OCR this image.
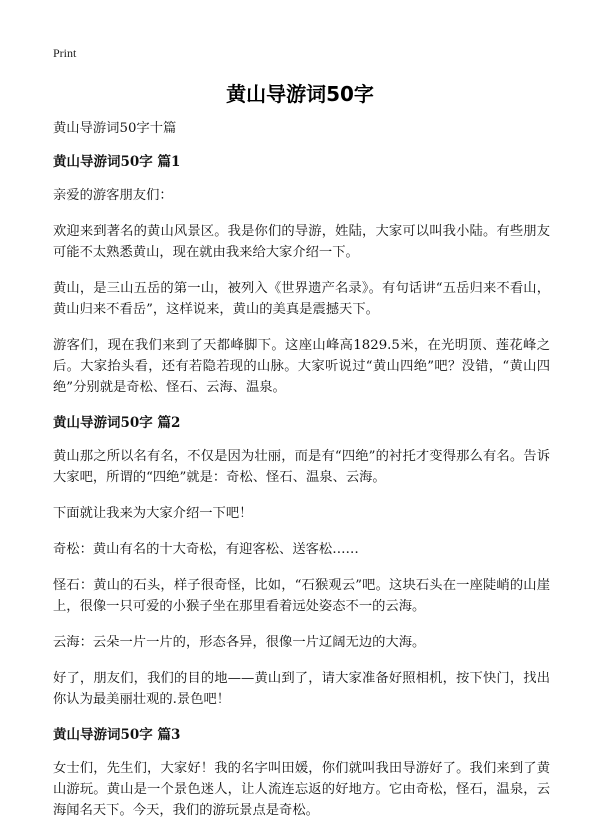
Print
黄山导游词50字

黄山导游词50字十篇

黄山导游词50字 篇1

亲爱的游客朋友们：

欢迎来到著名的黄山风景区。我是你们的导游，姓陆，大家可以叫我小陆。有些朋友可能不太熟悉黄山，现在就由我来给大家介绍一下。

黄山，是三山五岳的第一山，被列入《世界遗产名录》。有句话讲“五岳归来不看山，黄山归来不看岳”，这样说来，黄山的美真是震撼天下。

游客们，现在我们来到了天都峰脚下。这座山峰高1829.5米，在光明顶、莲花峰之后。大家抬头看，还有若隐若现的山脉。大家听说过“黄山四绝”吧？没错，“黄山四绝”分别就是奇松、怪石、云海、温泉。

黄山导游词50字 篇2

黄山那之所以名有名，不仅是因为壮丽，而是有“四绝”的衬托才变得那么有名。告诉大家吧，所谓的“四绝”就是：奇松、怪石、温泉、云海。

下面就让我来为大家介绍一下吧！

奇松：黄山有名的十大奇松，有迎客松、送客松……

怪石：黄山的石头，样子很奇怪，比如，“石猴观云”吧。这块石头在一座陡峭的山崖上，很像一只可爱的小猴子坐在那里看着远处姿态不一的云海。

云海：云朵一片一片的，形态各异，很像一片辽阔无边的大海。

好了，朋友们，我们的目的地——黄山到了，请大家准备好照相机，按下快门，找出你认为最美丽壮观的.景色吧！

黄山导游词50字 篇3

女士们，先生们，大家好！我的名字叫田媛，你们就叫我田导游好了。我们来到了黄山游玩。黄山是一个景色迷人，让人流连忘返的好地方。它由奇松，怪石，温泉，云海闻名天下。今天，我们的游玩景点是奇松。
